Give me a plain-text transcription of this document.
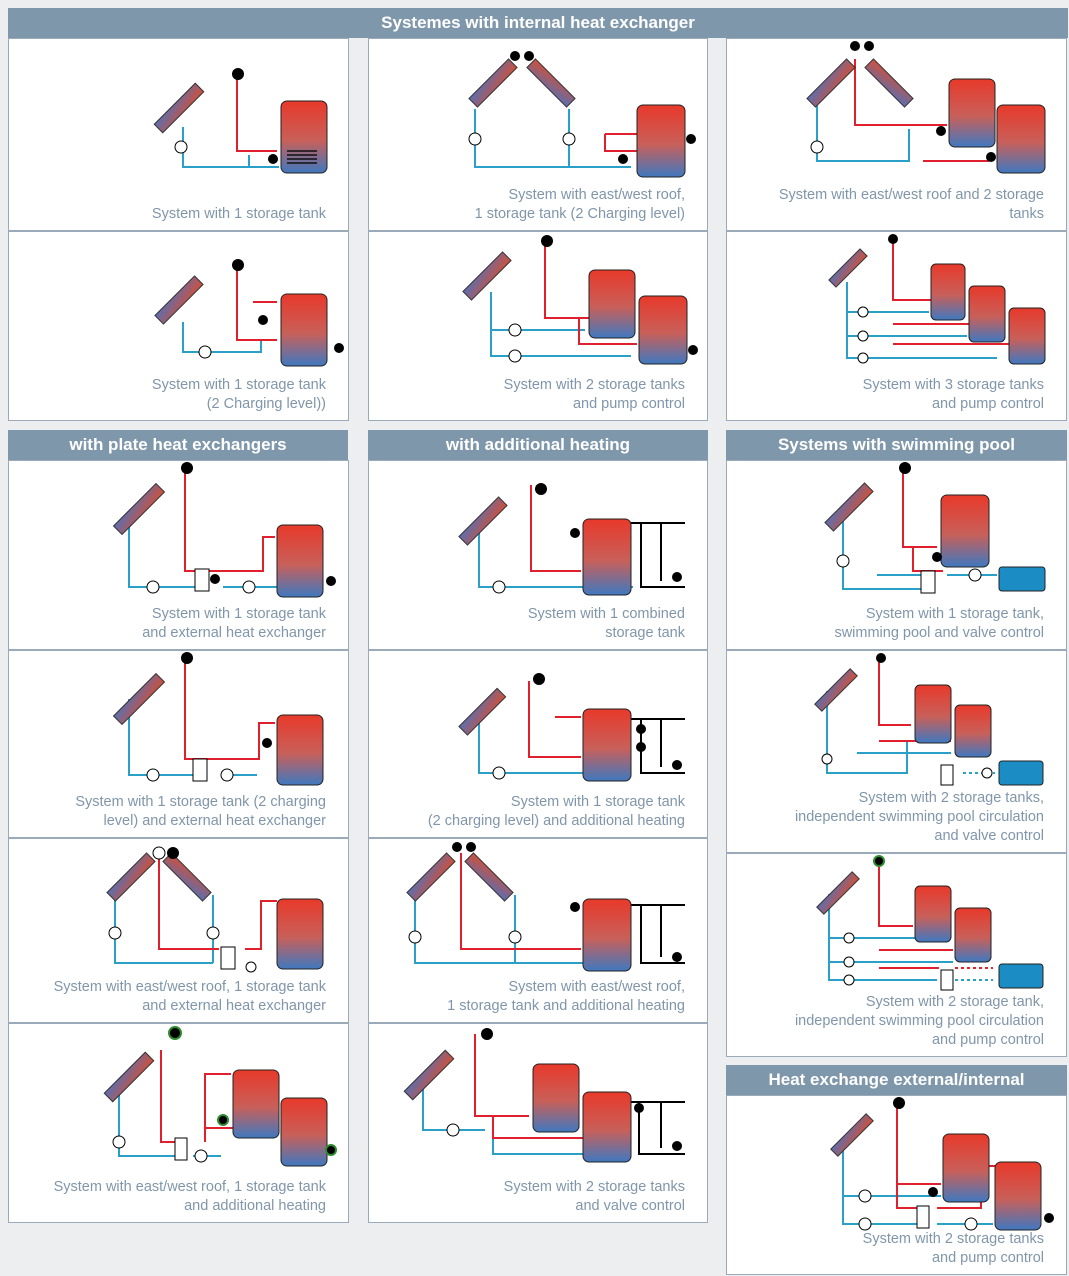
Systemes with internal heat exchanger
with plate heat exchangers	with additional heating	Systems with swimming pool
Heat exchange external/internal
System with 1 storage tank
System with east/west roof,
1 storage tank (2 Charging level)
System with east/west roof and 2 storage
tanks
System with 1 storage tank
(2 Charging level))
System with 2 storage tanks
and pump control
System with 3 storage tanks
and pump control
System with 1 storage tank
and external heat exchanger
System with 1 combined
storage tank
System with 1 storage tank,
swimming pool and valve control
System with 1 storage tank (2 charging
level) and external heat exchanger
System with 1 storage tank
(2 charging level) and additional heating
System with 2 storage tanks,
independent swimming pool circulation
and valve control
System with east/west roof, 1 storage tank
and external heat exchanger
System with east/west roof,
1 storage tank and additional heating	System with 2 storage tank,
independent swimming pool circulation
and pump control
System with east/west roof, 1 storage tank
and additional heating
System with 2 storage tanks
and valve control
System with 2 storage tanks
and pump control
